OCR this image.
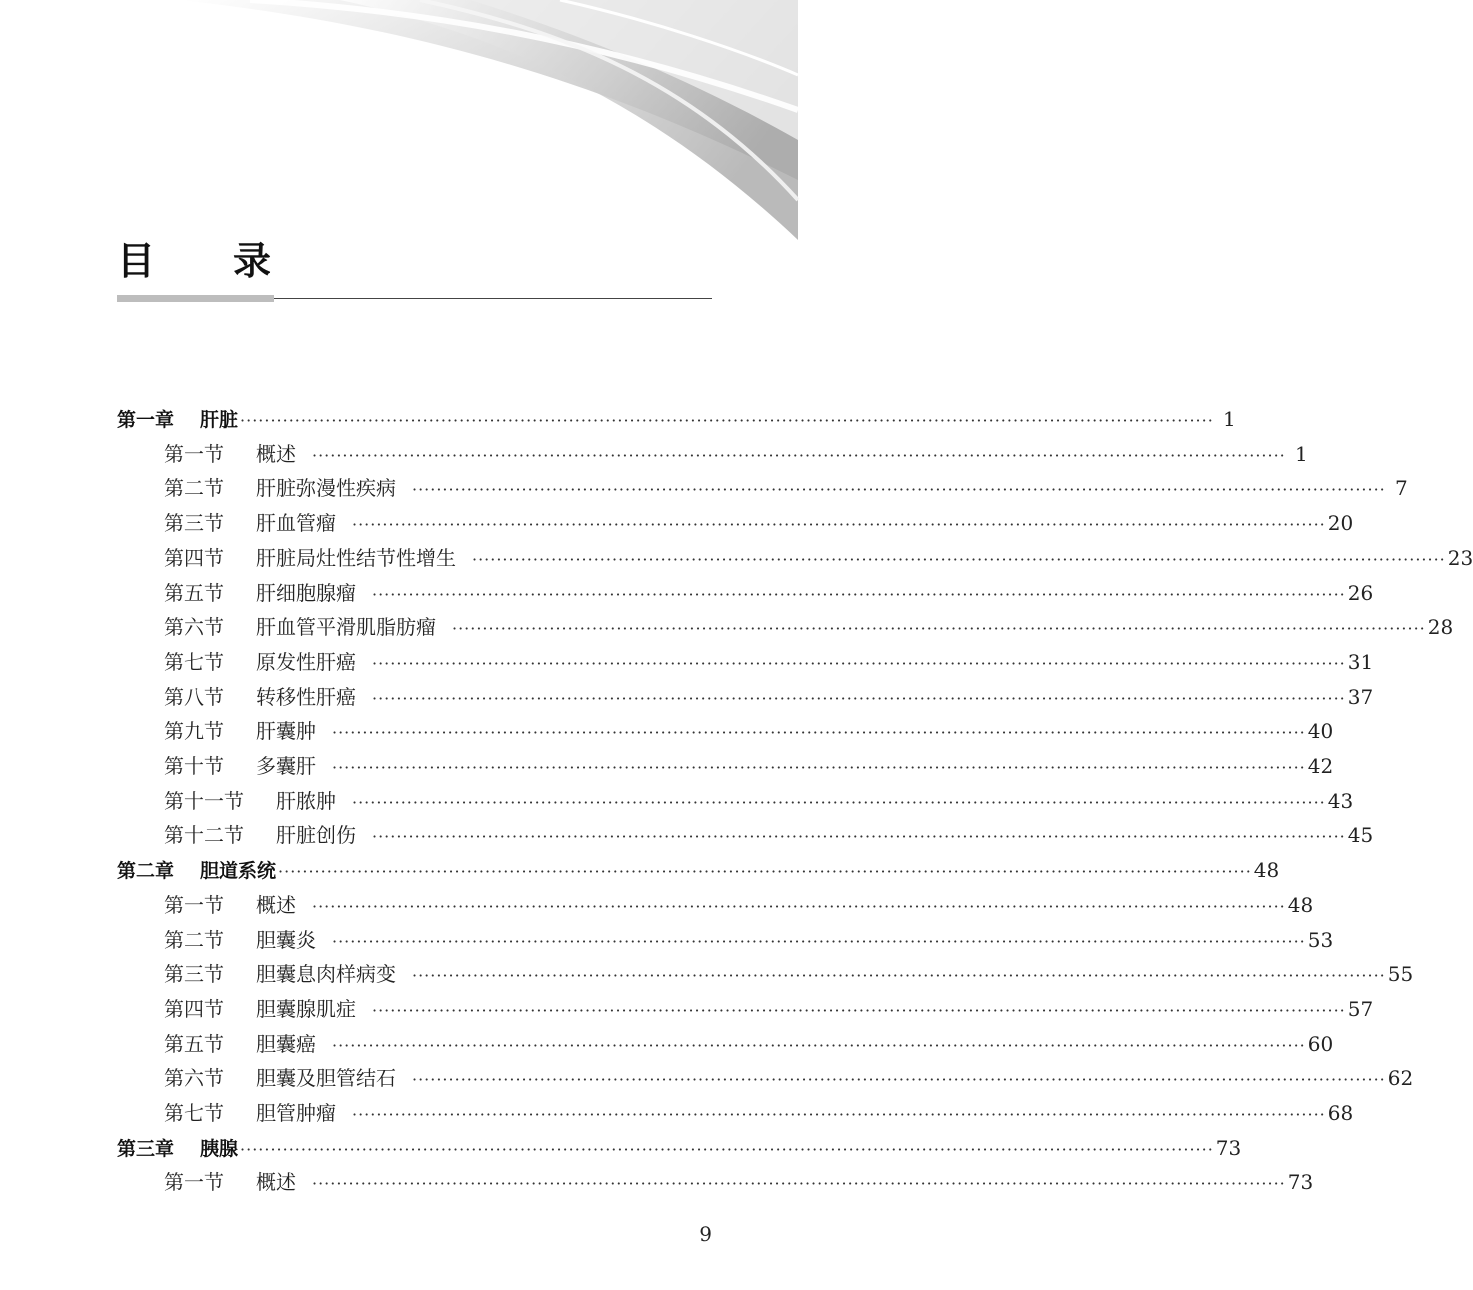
目 录
第一章 肝脏 ································································································································································ 1
第一节 概述	································································································································································ 1
第二节 肝脏弥漫性疾病	································································································································································ 7
第三节 肝血管瘤	································································································································································ 20
第四节 肝脏局灶性结节性增生	································································································································································ 23
第五节 肝细胞腺瘤	································································································································································ 26
第六节 肝血管平滑肌脂肪瘤	································································································································································ 28
第七节 原发性肝癌	································································································································································ 31
第八节 转移性肝癌	································································································································································ 37
第九节 肝囊肿	································································································································································ 40
第十节 多囊肝	································································································································································ 42
第十一节 肝脓肿	································································································································································ 43
第十二节 肝脏创伤	································································································································································ 45
第二章 胆道系统 ································································································································································ 48
第一节 概述	································································································································································ 48
第二节 胆囊炎	································································································································································ 53
第三节 胆囊息肉样病变	································································································································································ 55
第四节 胆囊腺肌症	································································································································································ 57
第五节 胆囊癌	································································································································································ 60
第六节 胆囊及胆管结石	································································································································································ 62
第七节 胆管肿瘤	································································································································································ 68
第三章 胰腺 ································································································································································ 73
第一节 概述	································································································································································ 73
9
